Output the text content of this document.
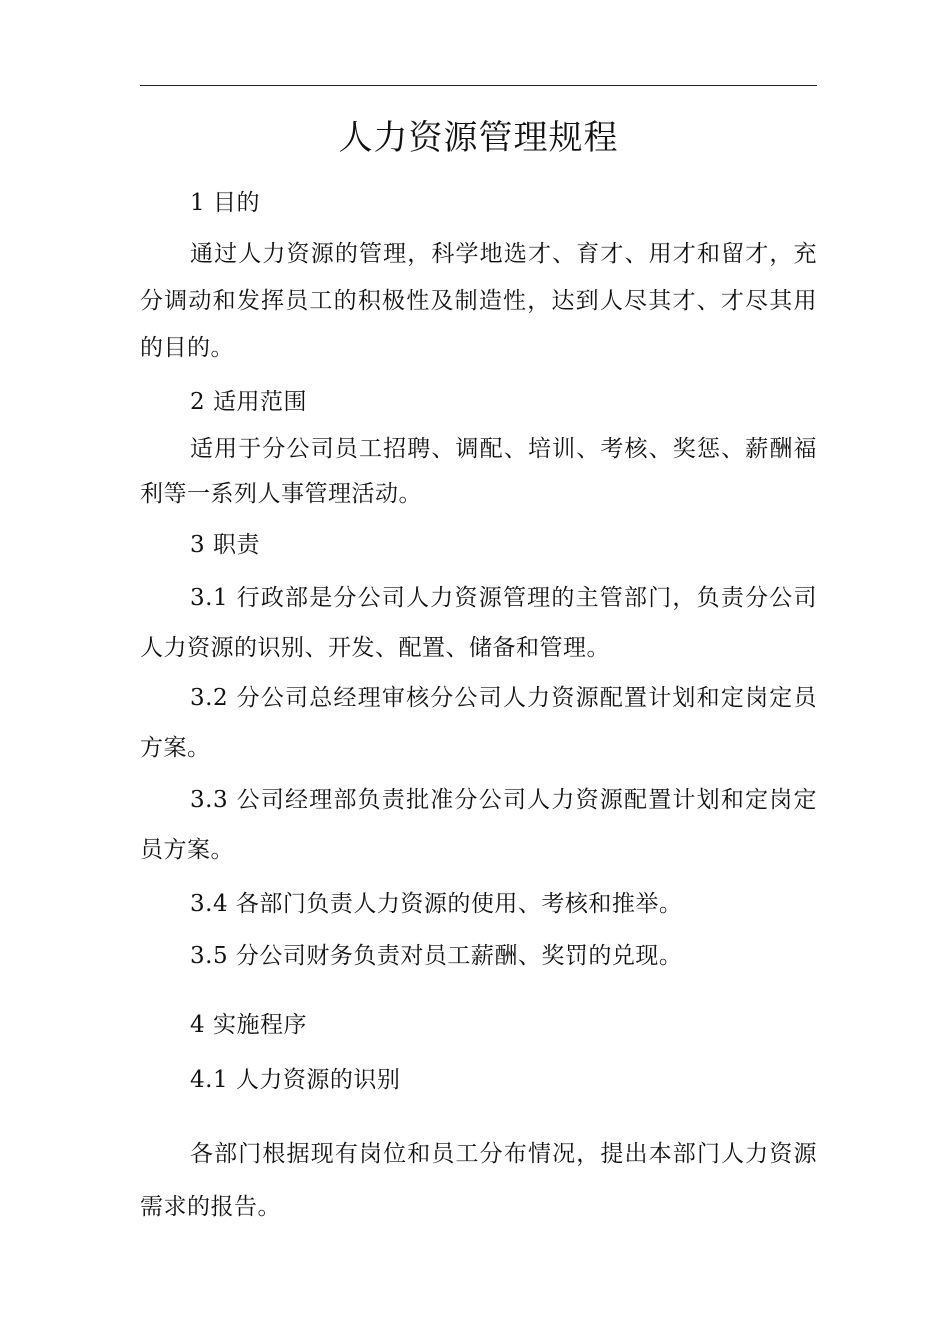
人力资源管理规程

1 目的

通过人力资源的管理，科学地选才、育才、用才和留才，充分调动和发挥员工的积极性及制造性，达到人尽其才、才尽其用的目的。

2 适用范围

适用于分公司员工招聘、调配、培训、考核、奖惩、薪酬福利等一系列人事管理活动。

3 职责

3.1 行政部是分公司人力资源管理的主管部门，负责分公司人力资源的识别、开发、配置、储备和管理。

3.2 分公司总经理审核分公司人力资源配置计划和定岗定员方案。

3.3 公司经理部负责批准分公司人力资源配置计划和定岗定员方案。

3.4 各部门负责人力资源的使用、考核和推举。

3.5 分公司财务负责对员工薪酬、奖罚的兑现。

4 实施程序

4.1 人力资源的识别

各部门根据现有岗位和员工分布情况，提出本部门人力资源需求的报告。
